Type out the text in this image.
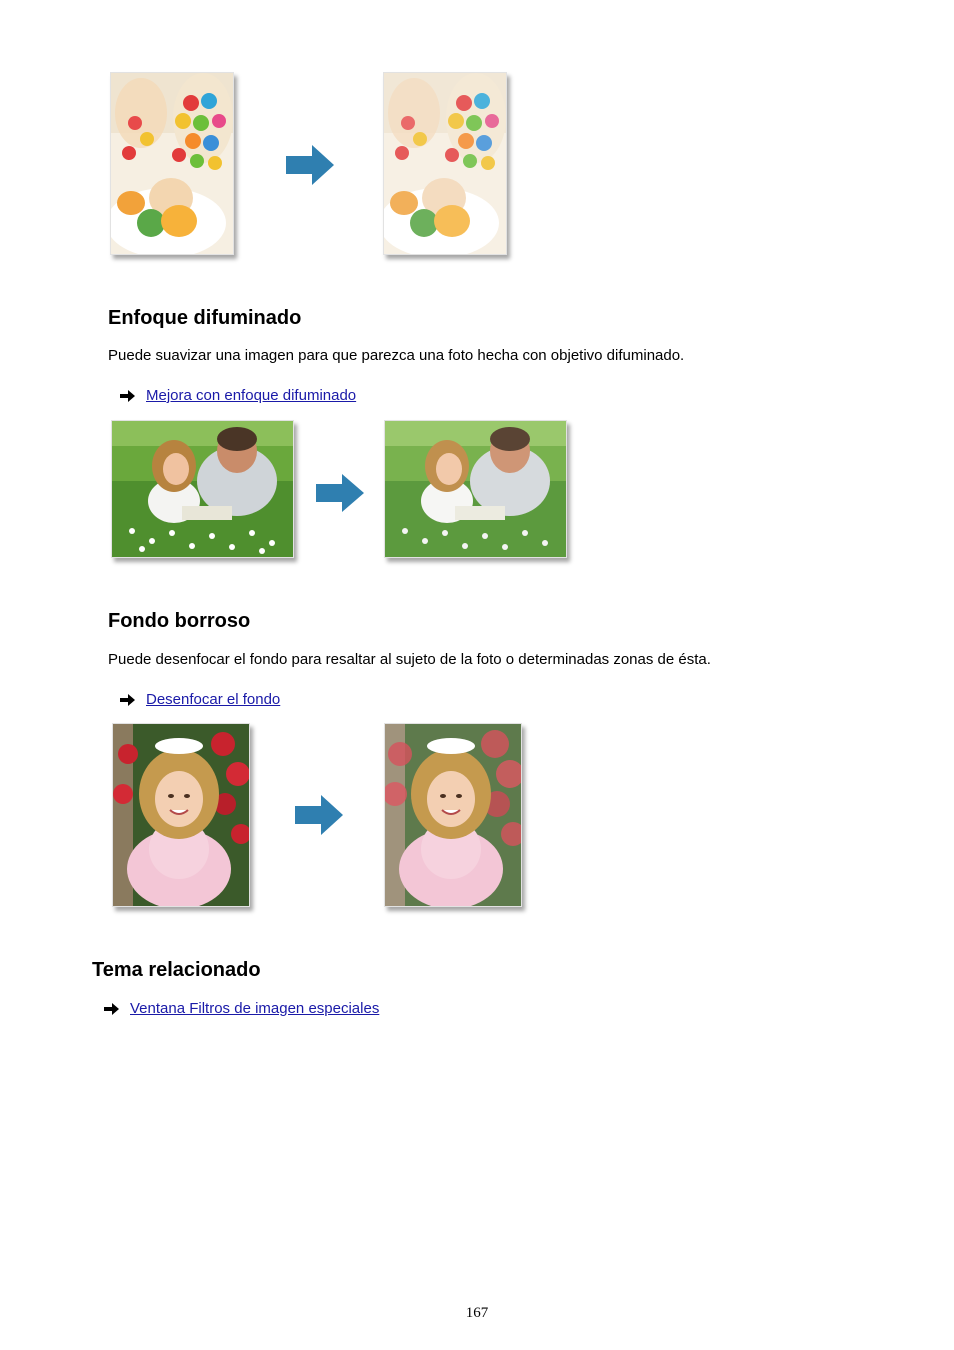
Enfoque difuminado

Puede suavizar una imagen para que parezca una foto hecha con objetivo difuminado.

Mejora con enfoque difuminado
Fondo borroso

Puede desenfocar el fondo para resaltar al sujeto de la foto o determinadas zonas de ésta.

Desenfocar el fondo
Tema relacionado
Ventana Filtros de imagen especiales
167
